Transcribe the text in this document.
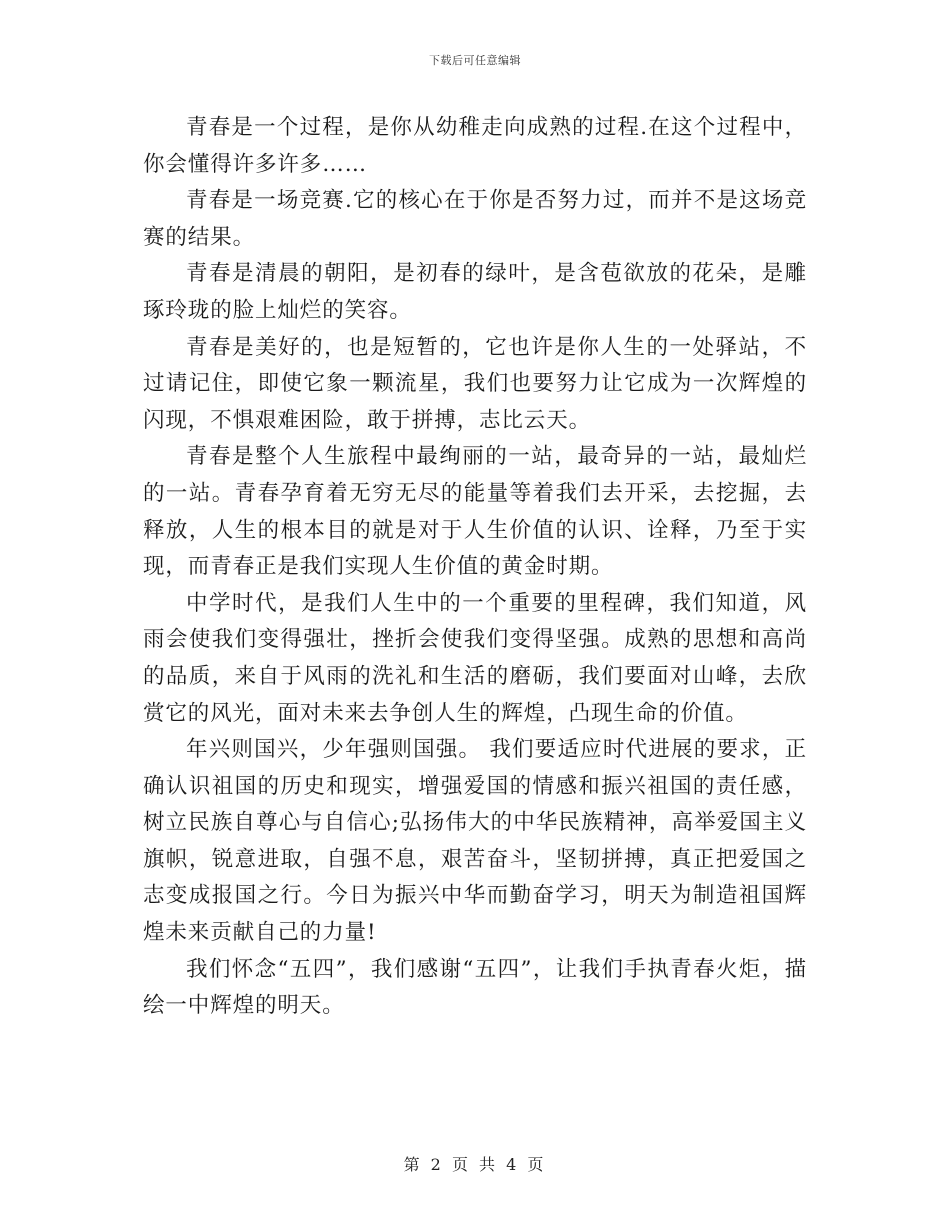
下载后可任意编辑

青春是一个过程，是你从幼稚走向成熟的过程.在这个过程中，你会懂得许多许多……

青春是一场竞赛.它的核心在于你是否努力过，而并不是这场竞赛的结果。

青春是清晨的朝阳，是初春的绿叶，是含苞欲放的花朵，是雕琢玲珑的脸上灿烂的笑容。

青春是美好的，也是短暂的，它也许是你人生的一处驿站，不过请记住，即使它象一颗流星，我们也要努力让它成为一次辉煌的闪现，不惧艰难困险，敢于拼搏，志比云天。

青春是整个人生旅程中最绚丽的一站，最奇异的一站，最灿烂的一站。青春孕育着无穷无尽的能量等着我们去开采，去挖掘，去释放，人生的根本目的就是对于人生价值的认识、诠释，乃至于实现，而青春正是我们实现人生价值的黄金时期。

中学时代，是我们人生中的一个重要的里程碑，我们知道，风雨会使我们变得强壮，挫折会使我们变得坚强。成熟的思想和高尚的品质，来自于风雨的洗礼和生活的磨砺，我们要面对山峰，去欣赏它的风光，面对未来去争创人生的辉煌，凸现生命的价值。

年兴则国兴，少年强则国强。 我们要适应时代进展的要求，正确认识祖国的历史和现实，增强爱国的情感和振兴祖国的责任感，树立民族自尊心与自信心;弘扬伟大的中华民族精神，高举爱国主义旗帜，锐意进取，自强不息，艰苦奋斗，坚韧拼搏，真正把爱国之志变成报国之行。今日为振兴中华而勤奋学习，明天为制造祖国辉煌未来贡献自己的力量!

我们怀念“五四”，我们感谢“五四”，让我们手执青春火炬，描绘一中辉煌的明天。

第 2 页 共 4 页
